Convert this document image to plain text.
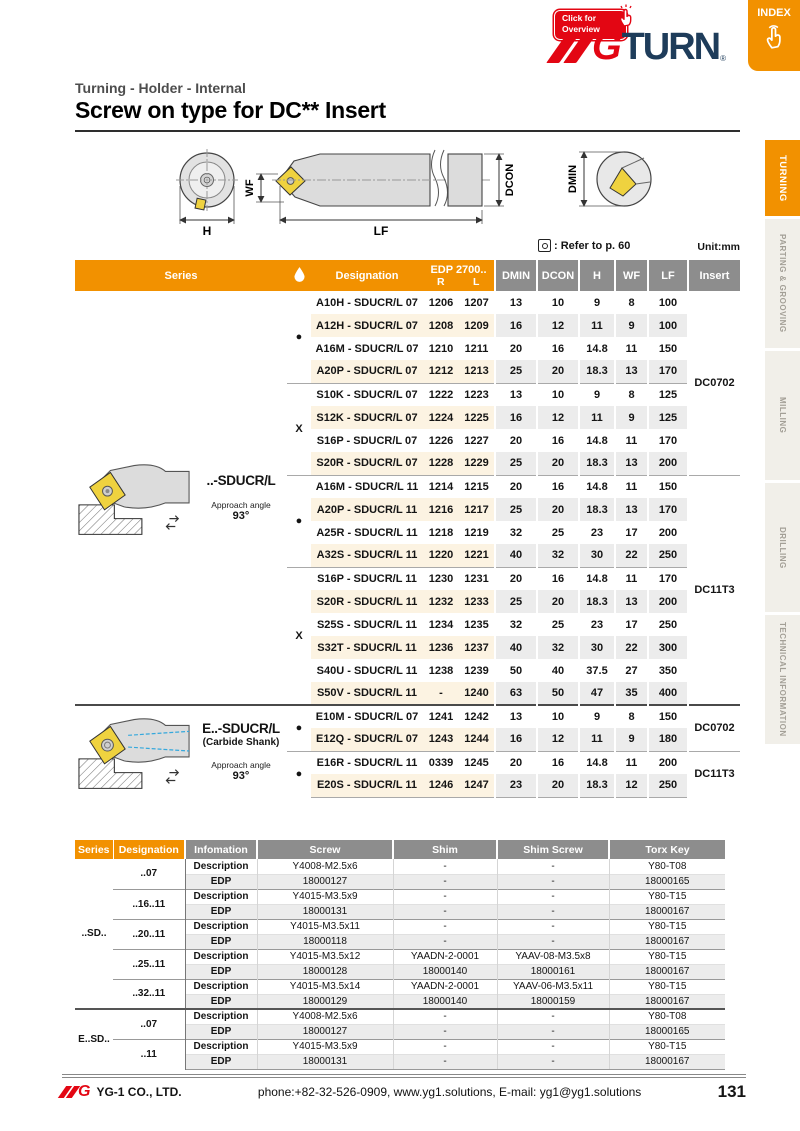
Click for
Overview
G TURN ®
INDEX
Turning - Holder - Internal
Screw on type for DC** Insert
H
WF	DCON
LF
DMIN
: Refer to p. 60	Unit:mm
Series		Designation	EDP 2700..
R L		DMIN	DCON	H	WF	LF	Insert

..-SDUCR/L
Approach angle
93°	●	A10H - SDUCR/L 07	1206	1207	13	10	9	8	100	DC0702
		A12H - SDUCR/L 07	1208	1209	16	12	11	9	100	
		A16M - SDUCR/L 07	1210	1211	20	16	14.8	11	150	
		A20P - SDUCR/L 07	1212	1213	25	20	18.3	13	170	
	X	S10K - SDUCR/L 07	1222	1223	13	10	9	8	125	
		S12K - SDUCR/L 07	1224	1225	16	12	11	9	125	
		S16P - SDUCR/L 07	1226	1227	20	16	14.8	11	170	
		S20R - SDUCR/L 07	1228	1229	25	20	18.3	13	200	
	●	A16M - SDUCR/L 11	1214	1215	20	16	14.8	11	150	DC11T3
		A20P - SDUCR/L 11	1216	1217	25	20	18.3	13	170	
		A25R - SDUCR/L 11	1218	1219	32	25	23	17	200	
		A32S - SDUCR/L 11	1220	1221	40	32	30	22	250	
	X	S16P - SDUCR/L 11	1230	1231	20	16	14.8	11	170	
		S20R - SDUCR/L 11	1232	1233	25	20	18.3	13	200	
		S25S - SDUCR/L 11	1234	1235	32	25	23	17	250	
		S32T - SDUCR/L 11	1236	1237	40	32	30	22	300	
		S40U - SDUCR/L 11	1238	1239	50	40	37.5	27	350	
		S50V - SDUCR/L 11	-	1240	63	50	47	35	400	

E..-SDUCR/L
(Carbide Shank)
Approach angle
93°	●	E10M - SDUCR/L 07	1241	1242	13	10	9	8	150	DC0702
		E12Q - SDUCR/L 07	1243	1244	16	12	11	9	180	
	●	E16R - SDUCR/L 11	0339	1245	20	16	14.8	11	200	DC11T3
		E20S - SDUCR/L 11	1246	1247	23	20	18.3	12	250	
Series	Designation	Infomation	Screw	Shim	Shim Screw	Torx Key
..SD..	..07	Description	Y4008-M2.5x6	-	-	Y80-T08
		EDP	18000127	-	-	18000165
	..16..11	Description	Y4015-M3.5x9	-	-	Y80-T15
		EDP	18000131	-	-	18000167
	..20..11	Description	Y4015-M3.5x11	-	-	Y80-T15
		EDP	18000118	-	-	18000167
	..25..11	Description	Y4015-M3.5x12	YAADN-2-0001	YAAV-08-M3.5x8	Y80-T15
		EDP	18000128	18000140	18000161	18000167
	..32..11	Description	Y4015-M3.5x14	YAADN-2-0001	YAAV-06-M3.5x11	Y80-T15
		EDP	18000129	18000140	18000159	18000167
E..SD..	..07	Description	Y4008-M2.5x6	-	-	Y80-T08
		EDP	18000127	-	-	18000165
	..11	Description	Y4015-M3.5x9	-	-	Y80-T15
		EDP	18000131	-	-	18000167
TURNING
PARTING & GROOVING
MILLING
DRILLING
TECHNICAL INFORMATION
G YG-1 CO., LTD.	phone:+82-32-526-0909, www.yg1.solutions, E-mail: yg1@yg1.solutions	131
